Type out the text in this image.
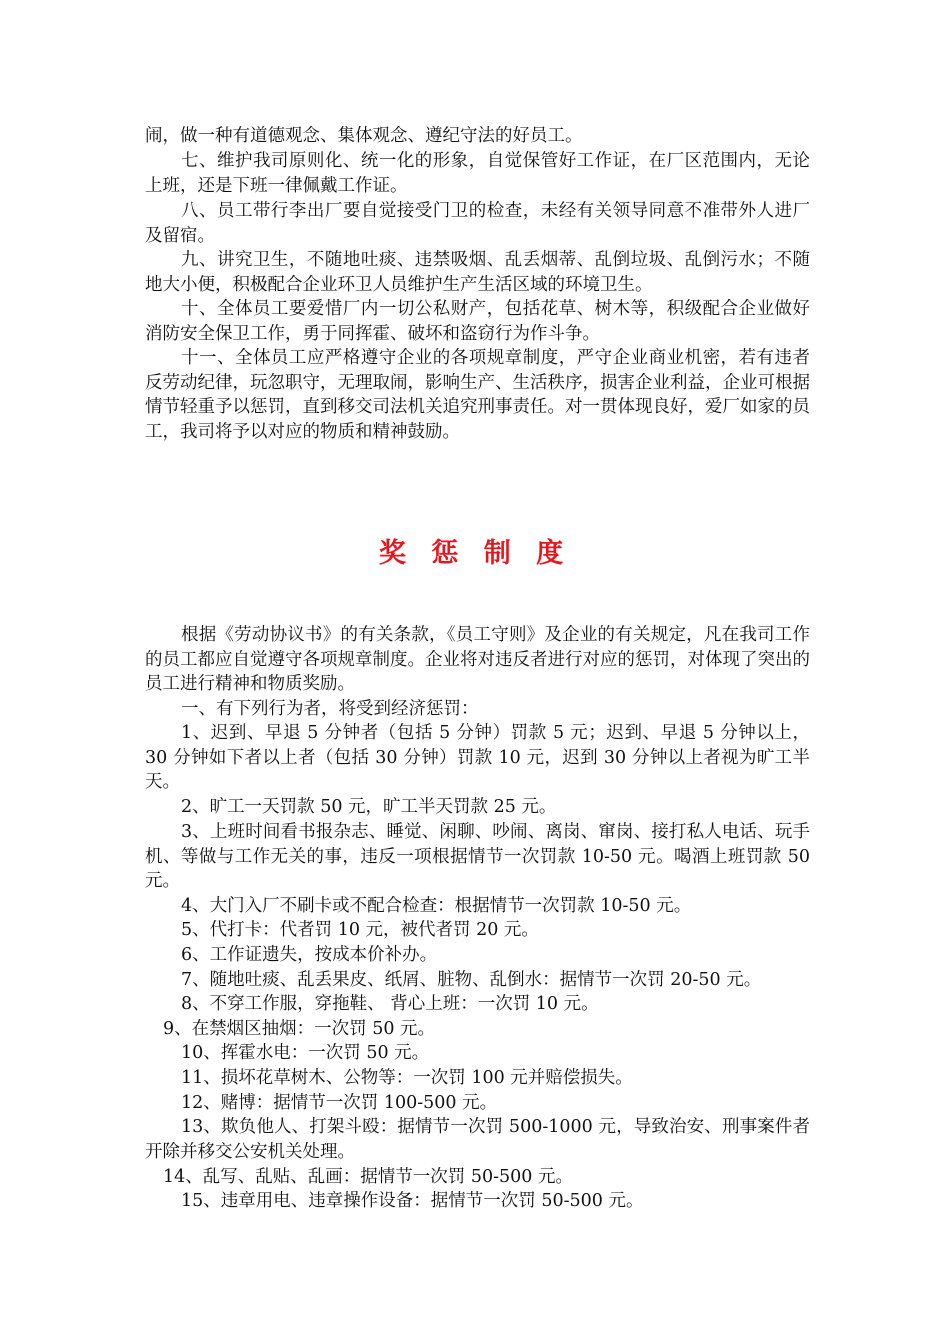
闹，做一种有道德观念、集体观念、遵纪守法的好员工。

七、维护我司原则化、统一化的形象，自觉保管好工作证，在厂区范围内，无论上班，还是下班一律佩戴工作证。

八、员工带行李出厂要自觉接受门卫的检查，未经有关领导同意不准带外人进厂及留宿。

九、讲究卫生，不随地吐痰、违禁吸烟、乱丢烟蒂、乱倒垃圾、乱倒污水；不随地大小便，积极配合企业环卫人员维护生产生活区域的环境卫生。

十、全体员工要爱惜厂内一切公私财产，包括花草、树木等，积级配合企业做好消防安全保卫工作，勇于同挥霍、破坏和盗窃行为作斗争。

十一、全体员工应严格遵守企业的各项规章制度，严守企业商业机密，若有违者反劳动纪律，玩忽职守，无理取闹，影响生产、生活秩序，损害企业利益，企业可根据情节轻重予以惩罚，直到移交司法机关追究刑事责任。对一贯体现良好，爱厂如家的员工，我司将予以对应的物质和精神鼓励。

奖 惩 制 度

根据《劳动协议书》的有关条款，《员工守则》及企业的有关规定，凡在我司工作的员工都应自觉遵守各项规章制度。企业将对违反者进行对应的惩罚，对体现了突出的员工进行精神和物质奖励。

一、有下列行为者，将受到经济惩罚：

1、迟到、早退 5 分钟者（包括 5 分钟）罚款 5 元；迟到、早退 5 分钟以上，30 分钟如下者以上者（包括 30 分钟）罚款 10 元，迟到 30 分钟以上者视为旷工半天。

2、旷工一天罚款 50 元，旷工半天罚款 25 元。

3、上班时间看书报杂志、睡觉、闲聊、吵闹、离岗、窜岗、接打私人电话、玩手机、等做与工作无关的事，违反一项根据情节一次罚款 10-50 元。喝酒上班罚款 50 元。

4、大门入厂不刷卡或不配合检查：根据情节一次罚款 10-50 元。

5、代打卡：代者罚 10 元，被代者罚 20 元。

6、工作证遗失，按成本价补办。

7、随地吐痰、乱丢果皮、纸屑、脏物、乱倒水：据情节一次罚 20-50 元。

8、不穿工作服，穿拖鞋、 背心上班：一次罚 10 元。

9、在禁烟区抽烟：一次罚 50 元。

10、挥霍水电：一次罚 50 元。

11、损坏花草树木、公物等：一次罚 100 元并赔偿损失。

12、赌博：据情节一次罚 100-500 元。

13、欺负他人、打架斗殴：据情节一次罚 500-1000 元，导致治安、刑事案件者开除并移交公安机关处理。

14、乱写、乱贴、乱画：据情节一次罚 50-500 元。

15、违章用电、违章操作设备：据情节一次罚 50-500 元。
